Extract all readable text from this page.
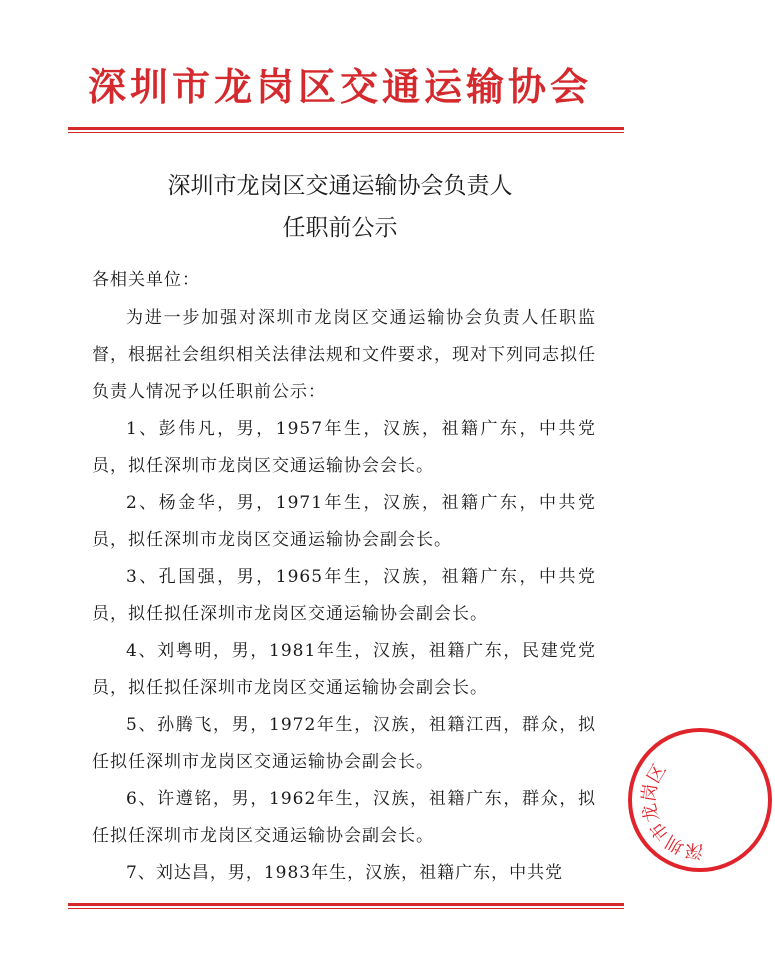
深圳市龙岗区交通运输协会
深圳市龙岗区交通运输协会负责人
任职前公示
各相关单位：

为进一步加强对深圳市龙岗区交通运输协会负责人任职监督，根据社会组织相关法律法规和文件要求，现对下列同志拟任负责人情况予以任职前公示：

1、彭伟凡，男，1957年生，汉族，祖籍广东，中共党员，拟任深圳市龙岗区交通运输协会会长。

2、杨金华，男，1971年生，汉族，祖籍广东，中共党员，拟任深圳市龙岗区交通运输协会副会长。

3、孔国强，男，1965年生，汉族，祖籍广东，中共党员，拟任拟任深圳市龙岗区交通运输协会副会长。

4、刘粤明，男，1981年生，汉族，祖籍广东，民建党党员，拟任拟任深圳市龙岗区交通运输协会副会长。

5、孙腾飞，男，1972年生，汉族，祖籍江西，群众，拟任拟任深圳市龙岗区交通运输协会副会长。

6、许遵铭，男，1962年生，汉族，祖籍广东，群众，拟任拟任深圳市龙岗区交通运输协会副会长。

7、刘达昌，男，1983年生，汉族，祖籍广东，中共党

深圳市龙岗区
